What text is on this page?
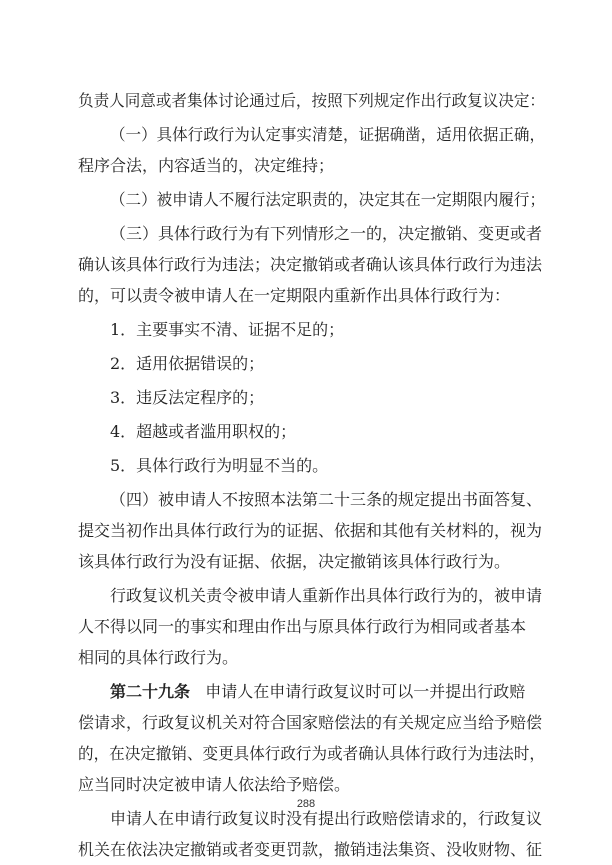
负责人同意或者集体讨论通过后，按照下列规定作出行政复议决定：
（一）具体行政行为认定事实清楚，证据确凿，适用依据正确，
程序合法，内容适当的，决定维持；
（二）被申请人不履行法定职责的，决定其在一定期限内履行；
（三）具体行政行为有下列情形之一的，决定撤销、变更或者
确认该具体行政行为违法；决定撤销或者确认该具体行政行为违法
的，可以责令被申请人在一定期限内重新作出具体行政行为：
1．主要事实不清、证据不足的；
2．适用依据错误的；
3．违反法定程序的；
4．超越或者滥用职权的；
5．具体行政行为明显不当的。
（四）被申请人不按照本法第二十三条的规定提出书面答复、
提交当初作出具体行政行为的证据、依据和其他有关材料的，视为
该具体行政行为没有证据、依据，决定撤销该具体行政行为。
行政复议机关责令被申请人重新作出具体行政行为的，被申请
人不得以同一的事实和理由作出与原具体行政行为相同或者基本
相同的具体行政行为。
第二十九条 申请人在申请行政复议时可以一并提出行政赔
偿请求，行政复议机关对符合国家赔偿法的有关规定应当给予赔偿
的，在决定撤销、变更具体行政行为或者确认具体行政行为违法时，
应当同时决定被申请人依法给予赔偿。
申请人在申请行政复议时没有提出行政赔偿请求的，行政复议
机关在依法决定撤销或者变更罚款，撤销违法集资、没收财物、征
288
